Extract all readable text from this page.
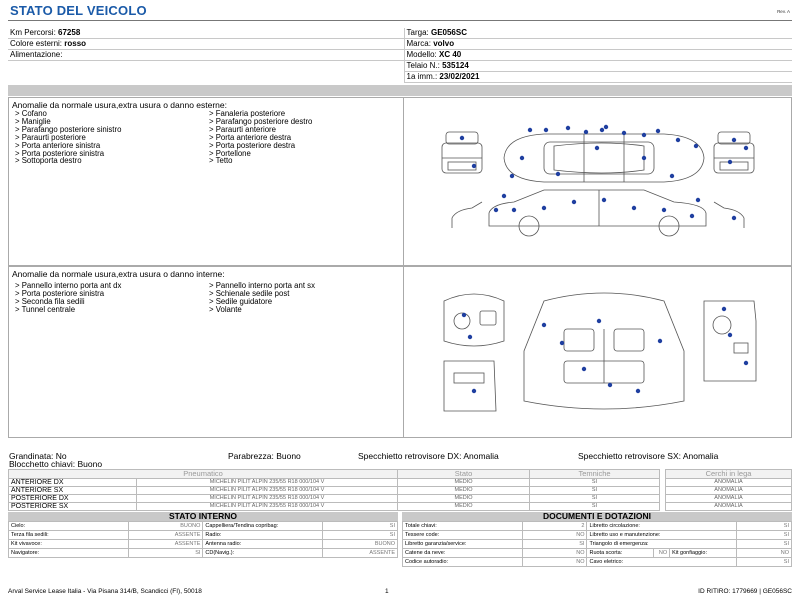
STATO DEL VEICOLO	Rev. A
Km Percorsi: 67258	Targa: GE056SC
Colore esterni: rosso	Marca: volvo
Alimentazione:	Modello: XC 40
	Telaio N.: 535124
	1a imm.: 23/02/2021
Anomalie da normale usura,extra usura o danno esterne:
> Cofano
> Maniglie
> Parafango posteriore sinistro
> Paraurti posteriore
> Porta anteriore sinistra
> Porta posteriore sinistra
> Sottoporta destro
> Fanaleria posteriore
> Parafango posteriore destro
> Paraurti anteriore
> Porta anteriore destra
> Porta posteriore destra
> Portellone
> Tetto
Anomalie da normale usura,extra usura o danno interne:
> Pannello interno porta ant dx
> Porta posteriore sinistra
> Seconda fila sedili
> Tunnel centrale
> Pannello interno porta ant sx
> Schienale sedile post
> Sedile guidatore
> Volante
Grandinata: No	Parabrezza: Buono	Specchietto retrovisore DX: Anomalia	Specchietto retrovisore SX: Anomalia
Blocchetto chiavi: Buono
Pneumatico		Stato	Temniche		Cerchi in lega
ANTERIORE DX	MICHELIN PILIT ALPIN 235/55 R18 000/104 V	MEDIO	SI		ANOMALIA
ANTERIORE SX	MICHELIN PILIT ALPIN 235/55 R18 000/104 V	MEDIO	SI		ANOMALIA
POSTERIORE DX	MICHELIN PILIT ALPIN 235/55 R18 000/104 V	MEDIO	SI		ANOMALIA
POSTERIORE SX	MICHELIN PILIT ALPIN 235/55 R18 000/104 V	MEDIO	SI		ANOMALIA
STATO INTERNO
Cielo:	BUONO	Cappelliera/Tendina copribag:	SI
Terza fila sedili:	ASSENTE	Radio:	SI
Kit vivavoce:	ASSENTE	Antenna radio:	BUONO
Navigatore:	SI	CD(Navig.):	ASSENTE
DOCUMENTI E DOTAZIONI
Totale chiavi:	2	Libretto circolazione:			SI
Tessere code:	NO	Libretto uso e manutenzione:			SI
Libretto garanzia/service:	SI	Triangolo di emergenza:			SI
Catene da neve:	NO	Ruota scorta:	NO	Kit gonfiaggio:	NO
Codice autoradio:	NO	Cavo eletrico:			SI
Arval Service Lease Italia - Via Pisana 314/B, Scandicci (FI), 50018	1	ID RITIRO: 1779669 | GE056SC
